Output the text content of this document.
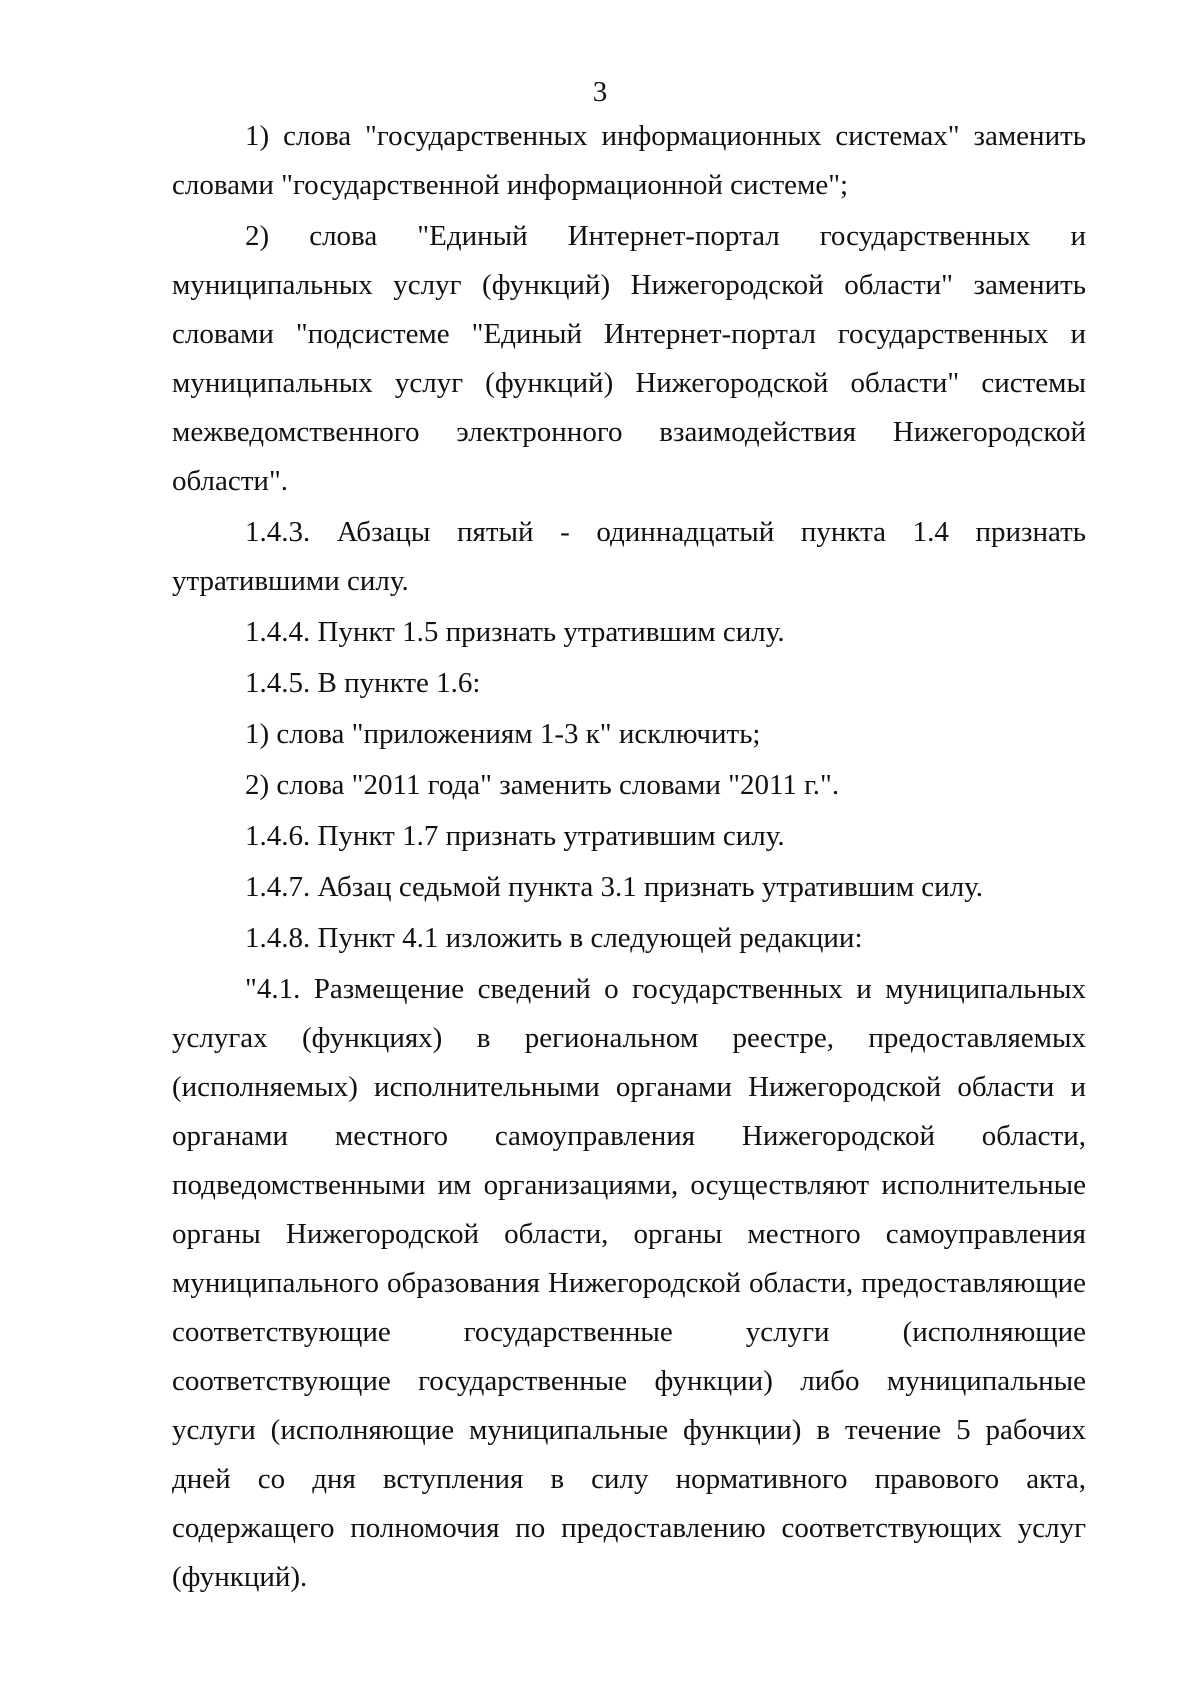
3

1) слова "государственных информационных системах" заменить словами "государственной информационной системе";

2) слова "Единый Интернет-портал государственных и муниципальных услуг (функций) Нижегородской области" заменить словами "подсистеме "Единый Интернет-портал государственных и муниципальных услуг (функций) Нижегородской области" системы межведомственного электронного взаимодействия Нижегородской области".

1.4.3. Абзацы пятый - одиннадцатый пункта 1.4 признать утратившими силу.

1.4.4. Пункт 1.5 признать утратившим силу.

1.4.5. В пункте 1.6:

1) слова "приложениям 1-3 к" исключить;

2) слова "2011 года" заменить словами "2011 г.".

1.4.6. Пункт 1.7 признать утратившим силу.

1.4.7. Абзац седьмой пункта 3.1 признать утратившим силу.

1.4.8. Пункт 4.1 изложить в следующей редакции:

"4.1. Размещение сведений о государственных и муниципальных услугах (функциях) в региональном реестре, предоставляемых (исполняемых) исполнительными органами Нижегородской области и органами местного самоуправления Нижегородской области, подведомственными им организациями, осуществляют исполнительные органы Нижегородской области, органы местного самоуправления муниципального образования Нижегородской области, предоставляющие соответствующие государственные услуги (исполняющие соответствующие государственные функции) либо муниципальные услуги (исполняющие муниципальные функции) в течение 5 рабочих дней со дня вступления в силу нормативного правового акта, содержащего полномочия по предоставлению соответствующих услуг (функций).
